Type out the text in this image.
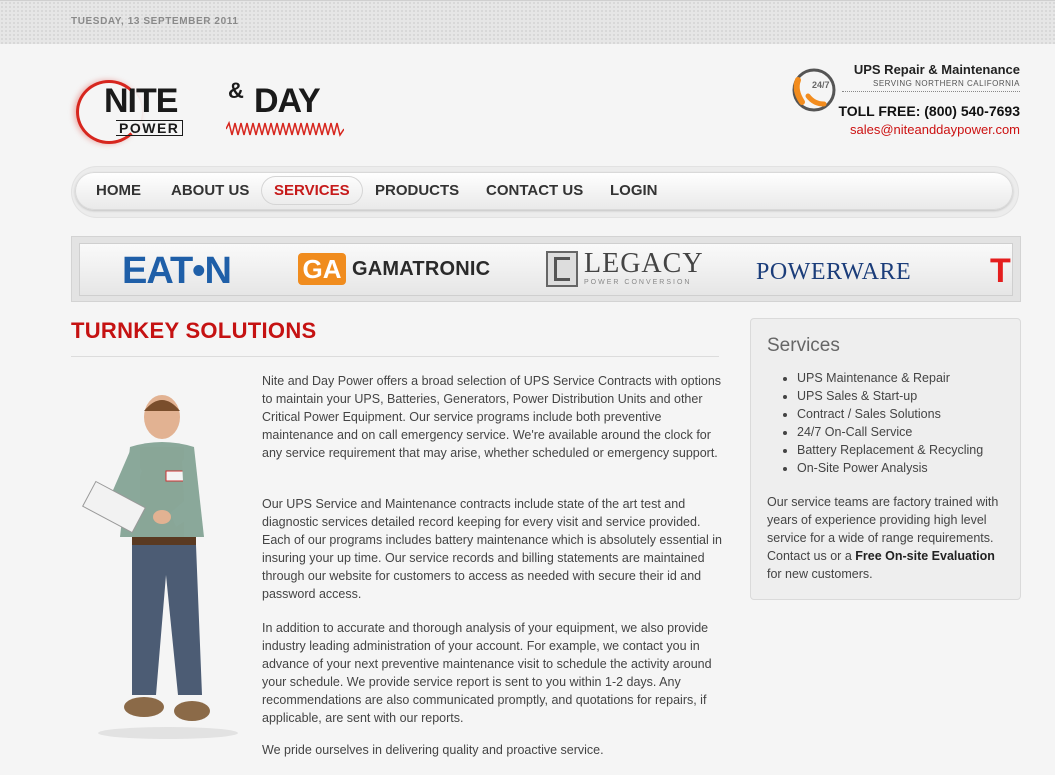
TUESDAY, 13 SEPTEMBER 2011
NITE & DAY
POWER
24/7
UPS Repair & Maintenance
SERVING NORTHERN CALIFORNIA
TOLL FREE: (800) 540-7693
sales@niteanddaypower.com
HOME ABOUT US	SERVICES	PRODUCTS CONTACT US LOGIN
EAT•N	GA GAMATRONIC	LEGACY
POWER CONVERSION	POWERWARE T
TURNKEY SOLUTIONS

Nite and Day Power offers a broad selection of UPS Service Contracts with options to maintain your UPS, Batteries, Generators, Power Distribution Units and other Critical Power Equipment. Our service programs include both preventive maintenance and on call emergency service. We're available around the clock for any service requirement that may arise, whether scheduled or emergency support.

Our UPS Service and Maintenance contracts include state of the art test and diagnostic services detailed record keeping for every visit and service provided. Each of our programs includes battery maintenance which is absolutely essential in insuring your up time. Our service records and billing statements are maintained through our website for customers to access as needed with secure their id and password access.

In addition to accurate and thorough analysis of your equipment, we also provide industry leading administration of your account. For example, we contact you in advance of your next preventive maintenance visit to schedule the activity around your schedule. We provide service report is sent to you within 1-2 days. Any recommendations are also communicated promptly, and quotations for repairs, if applicable, are sent with our reports.

We pride ourselves in delivering quality and proactive service.

Services
• UPS Maintenance & Repair
• UPS Sales & Start-up
• Contract / Sales Solutions
• 24/7 On-Call Service
• Battery Replacement & Recycling
• On-Site Power Analysis

Our service teams are factory trained with years of experience providing high level service for a wide of range requirements. Contact us or a Free On-site Evaluation for new customers.
